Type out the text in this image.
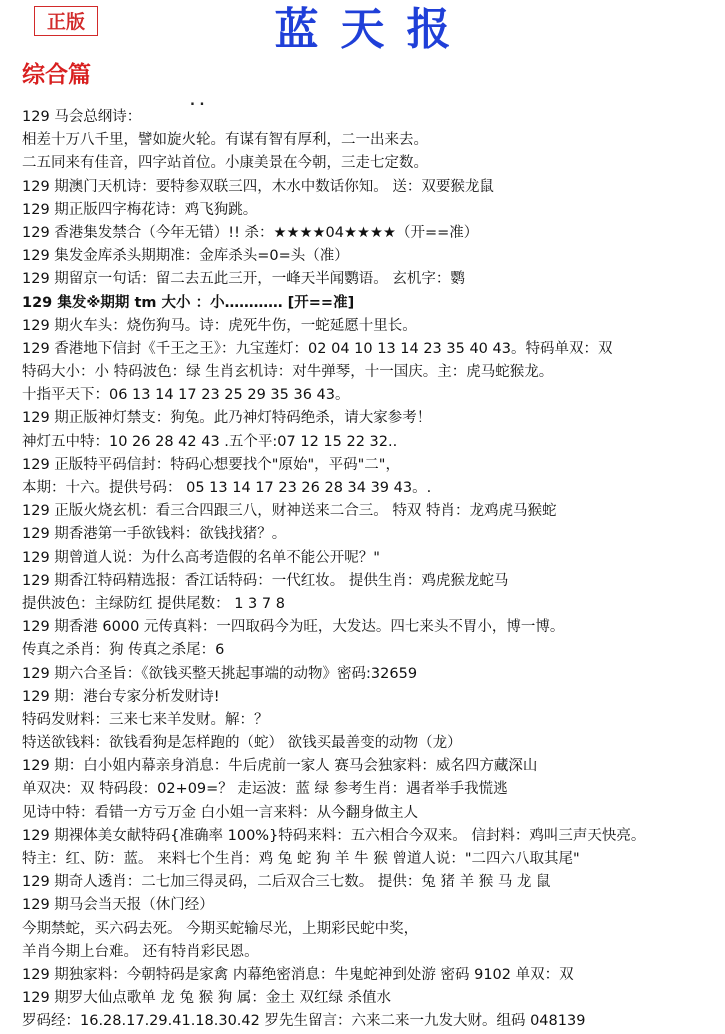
正版	蓝天报
综合篇
. .
129 马会总纲诗：
相差十万八千里，譬如旋火轮。有谋有智有厚利，二一出来去。
二五同来有佳音，四字站首位。小康美景在今朝，三走七定数。
129 期澳门天机诗：要特参双联三四，木水中数话你知。 送：双要猴龙鼠
129 期正版四字梅花诗：鸡飞狗跳。
129 香港集发禁合（今年无错）!! 杀：★★★★04★★★★（开==准）
129 集发金库杀头期期准：金库杀头=0=头（准）
129 期留京一句话：留二去五此三开，一峰天半闻鹦语。 玄机字：鹦
129 集发※期期 tm 大小 ：小………… [开==准]
129 期火车头：烧伤狗马。诗：虎死牛伤，一蛇延愿十里长。
129 香港地下信封《千王之王》：九宝莲灯：02 04 10 13 14 23 35 40 43。特码单双：双
特码大小：小 特码波色：绿 生肖玄机诗：对牛弹琴，十一国庆。主：虎马蛇猴龙。
十指平天下：06 13 14 17 23 25 29 35 36 43。
129 期正版神灯禁支：狗兔。此乃神灯特码绝杀，请大家参考！
神灯五中特：10 26 28 42 43 .五个平:07 12 15 22 32..
129 正版特平码信封：特码心想要找个"原始"，平码"二"，
本期：十六。提供号码： 05 13 14 17 23 26 28 34 39 43。.
129 正版火烧玄机：看三合四跟三八，财神送来二合三。 特双 特肖：龙鸡虎马猴蛇
129 期香港第一手欲钱料：欲钱找猪？。
129 期曾道人说：为什么高考造假的名单不能公开呢？"
129 期香江特码精选报：香江话特码：一代红妆。 提供生肖：鸡虎猴龙蛇马
提供波色：主绿防红 提供尾数： 1 3 7 8
129 期香港 6000 元传真料：一四取码今为旺，大发达。四七来头不胃小，博一博。
传真之杀肖：狗 传真之杀尾：6
129 期六合圣旨：《欲钱买整天挑起事端的动物》密码:32659
129 期：港台专家分析发财诗!
特码发财料：三来七来羊发财。解：？
特送欲钱料：欲钱看狗是怎样跑的（蛇） 欲钱买最善变的动物（龙）
129 期：白小姐内幕亲身消息：牛后虎前一家人 赛马会独家料：威名四方藏深山
单双决：双 特码段：02+09=？ 走运波：蓝 绿 参考生肖：遇者举手我慌逃
见诗中特：看错一方亏万金 白小姐一言来料：从今翻身做主人
129 期裸体美女献特码{准确率 100%}特码来料：五六相合今双来。 信封料：鸡叫三声天快亮。
特主：红、防：蓝。 来料七个生肖：鸡 兔 蛇 狗 羊 牛 猴 曾道人说："二四六八取其尾"
129 期奇人透肖：二七加三得灵码，二后双合三七数。 提供：兔 猪 羊 猴 马 龙 鼠
129 期马会当天报（休门经）
今期禁蛇，买六码去死。 今期买蛇输尽光，上期彩民蛇中奖，
羊肖今期上台难。 还有特肖彩民恩。
129 期独家料：今朝特码是家禽 内幕绝密消息：牛鬼蛇神到处游 密码 9102 单双：双
129 期罗大仙点歌单 龙 兔 猴 狗 属：金土 双红绿 杀值水
罗码经：16.28.17.29.41.18.30.42 罗先生留言：六来二来一九发大财。组码 048139
